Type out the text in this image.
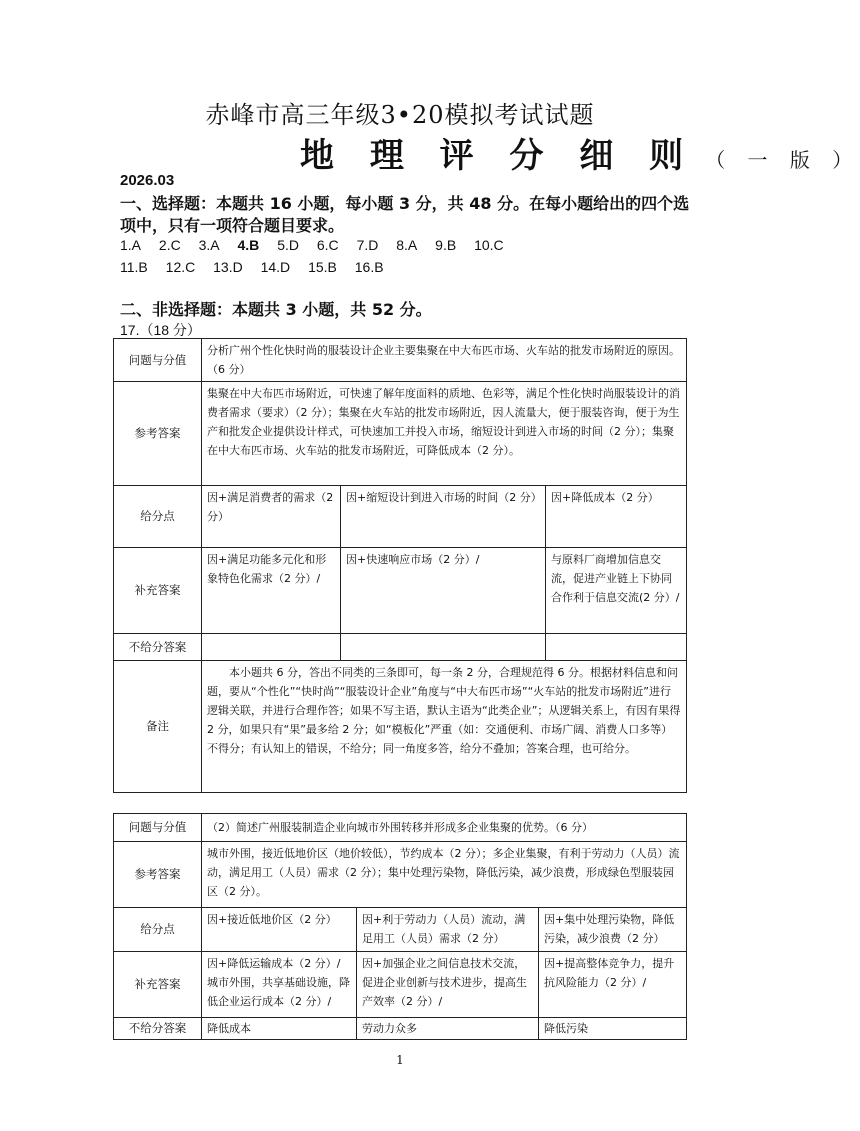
赤峰市高三年级3•20模拟考试试题
地 理 评 分 细 则 （ 一 版 ）
2026.03
一、选择题：本题共 16 小题，每小题 3 分，共 48 分。在每小题给出的四个选项中，只有一项符合题目要求。
1.A 2.C 3.A 4.B 5.D 6.C 7.D 8.A 9.B 10.C
11.B 12.C 13.D 14.D 15.B 16.B
二、非选择题：本题共 3 小题，共 52 分。
17.（18 分）
问题与分值	分析广州个性化快时尚的服装设计企业主要集聚在中大布匹市场、火车站的批发市场附近的原因。（6 分）		
参考答案	集聚在中大布匹市场附近，可快速了解年度面料的质地、色彩等，满足个性化快时尚服装设计的消费者需求（要求）（2 分）；集聚在火车站的批发市场附近，因人流量大，便于服装咨询，便于为生产和批发企业提供设计样式，可快速加工并投入市场，缩短设计到进入市场的时间（2 分）；集聚在中大布匹市场、火车站的批发市场附近，可降低成本（2 分）。		
给分点	因+满足消费者的需求（2 分）	因+缩短设计到进入市场的时间（2 分）	因+降低成本（2 分）
补充答案	因+满足功能多元化和形象特色化需求（2 分）/	因+快速响应市场（2 分）/	与原料厂商增加信息交流，促进产业链上下协同合作利于信息交流(2 分）/
不给分答案			
备注	本小题共 6 分，答出不同类的三条即可，每一条 2 分，合理规范得 6 分。根据材料信息和问题，要从“个性化”“快时尚”“服装设计企业”角度与“中大布匹市场”“火车站的批发市场附近”进行逻辑关联，并进行合理作答；如果不写主语，默认主语为“此类企业”；从逻辑关系上，有因有果得 2 分，如果只有“果”最多给 2 分；如“模板化”严重（如：交通便利、市场广阔、消费人口多等）不得分；有认知上的错误，不给分；同一角度多答，给分不叠加；答案合理，也可给分。		
问题与分值	（2）简述广州服装制造企业向城市外围转移并形成多企业集聚的优势。（6 分）		
参考答案	城市外围，接近低地价区（地价较低），节约成本（2 分）；多企业集聚，有利于劳动力（人员）流动，满足用工（人员）需求（2 分）；集中处理污染物，降低污染，减少浪费，形成绿色型服装园区（2 分）。		
给分点	因+接近低地价区（2 分）	因+利于劳动力（人员）流动，满足用工（人员）需求（2 分）	因+集中处理污染物，降低污染，减少浪费（2 分）
补充答案	因+降低运输成本（2 分）/城市外围，共享基础设施，降低企业运行成本（2 分）/	因+加强企业之间信息技术交流，促进企业创新与技术进步，提高生产效率（2 分）/	因+提高整体竞争力，提升抗风险能力（2 分）/
不给分答案	降低成本	劳动力众多	降低污染
1
